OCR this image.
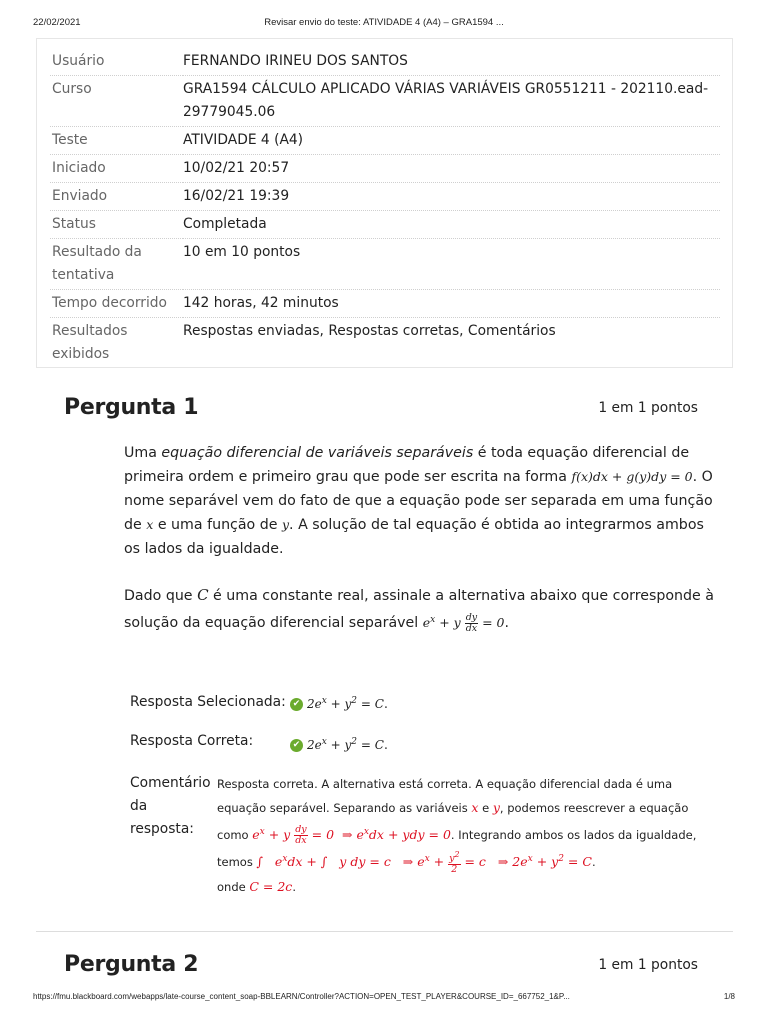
22/02/2021	Revisar envio do teste: ATIVIDADE 4 (A4) – GRA1594 ...
Usuário	FERNANDO IRINEU DOS SANTOS
Curso	GRA1594 CÁLCULO APLICADO VÁRIAS VARIÁVEIS GR0551211 - 202110.ead-29779045.06
Teste	ATIVIDADE 4 (A4)
Iniciado	10/02/21 20:57
Enviado	16/02/21 19:39
Status	Completada
Resultado da tentativa	10 em 10 pontos
Tempo decorrido	142 horas, 42 minutos
Resultados exibidos	Respostas enviadas, Respostas corretas, Comentários
Pergunta 1	1 em 1 pontos

Uma equação diferencial de variáveis separáveis é toda equação diferencial de primeira ordem e primeiro grau que pode ser escrita na forma f(x)dx + g(y)dy = 0. O nome separável vem do fato de que a equação pode ser separada em uma função de x e uma função de y. A solução de tal equação é obtida ao integrarmos ambos os lados da igualdade.

Dado que C é uma constante real, assinale a alternativa abaixo que corresponde à solução da equação diferencial separável $e^x + y \frac{dy}{dx} = 0$.

Resposta Selecionada: ✔ $2e^x + y^2 = C$.
Resposta Correta:	✔ $2e^x + y^2 = C$.
Comentário da resposta:
Resposta correta. A alternativa está correta. A equação diferencial dada é uma equação separável. Separando as variáveis x e y, podemos reescrever a equação como $e^x + y \frac{dy}{dx} = 0$  ⇒ $e^xdx$ + ydy = 0. Integrando ambos os lados da igualdade, temos ∫   $e^xdx$ + ∫   y dy = c   ⇒ $e^x + \frac{y^2}{2} = c$   ⇒ $2e^x + y^2 = C$.
onde C = 2c.
Pergunta 2	1 em 1 pontos
https://fmu.blackboard.com/webapps/late-course_content_soap-BBLEARN/Controller?ACTION=OPEN_TEST_PLAYER&COURSE_ID=_667752_1&P...	1/8
